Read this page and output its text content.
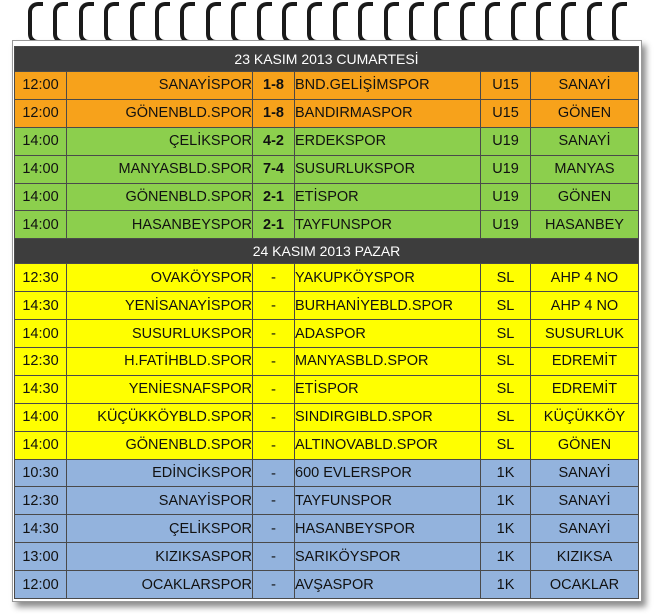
23 KASIM 2013 CUMARTESİ					
12:00	SANAYİSPOR	1-8	BND.GELİŞİMSPOR	U15	SANAYİ
12:00	GÖNENBLD.SPOR	1-8	BANDIRMASPOR	U15	GÖNEN
14:00	ÇELİKSPOR	4-2	ERDEKSPOR	U19	SANAYİ
14:00	MANYASBLD.SPOR	7-4	SUSURLUKSPOR	U19	MANYAS
14:00	GÖNENBLD.SPOR	2-1	ETİSPOR	U19	GÖNEN
14:00	HASANBEYSPOR	2-1	TAYFUNSPOR	U19	HASANBEY
24 KASIM 2013 PAZAR					
12:30	OVAKÖYSPOR	-	YAKUPKÖYSPOR	SL	AHP 4 NO
14:30	YENİSANAYİSPOR	-	BURHANİYEBLD.SPOR	SL	AHP 4 NO
14:00	SUSURLUKSPOR	-	ADASPOR	SL	SUSURLUK
12:30	H.FATİHBLD.SPOR	-	MANYASBLD.SPOR	SL	EDREMİT
14:30	YENİESNAFSPOR	-	ETİSPOR	SL	EDREMİT
14:00	KÜÇÜKKÖYBLD.SPOR	-	SINDIRGIBLD.SPOR	SL	KÜÇÜKKÖY
14:00	GÖNENBLD.SPOR	-	ALTINOVABLD.SPOR	SL	GÖNEN
10:30	EDİNCİKSPOR	-	600 EVLERSPOR	1K	SANAYİ
12:30	SANAYİSPOR	-	TAYFUNSPOR	1K	SANAYİ
14:30	ÇELİKSPOR	-	HASANBEYSPOR	1K	SANAYİ
13:00	KIZIKSASPOR	-	SARIKÖYSPOR	1K	KIZIKSA
12:00	OCAKLARSPOR	-	AVŞASPOR	1K	OCAKLAR
